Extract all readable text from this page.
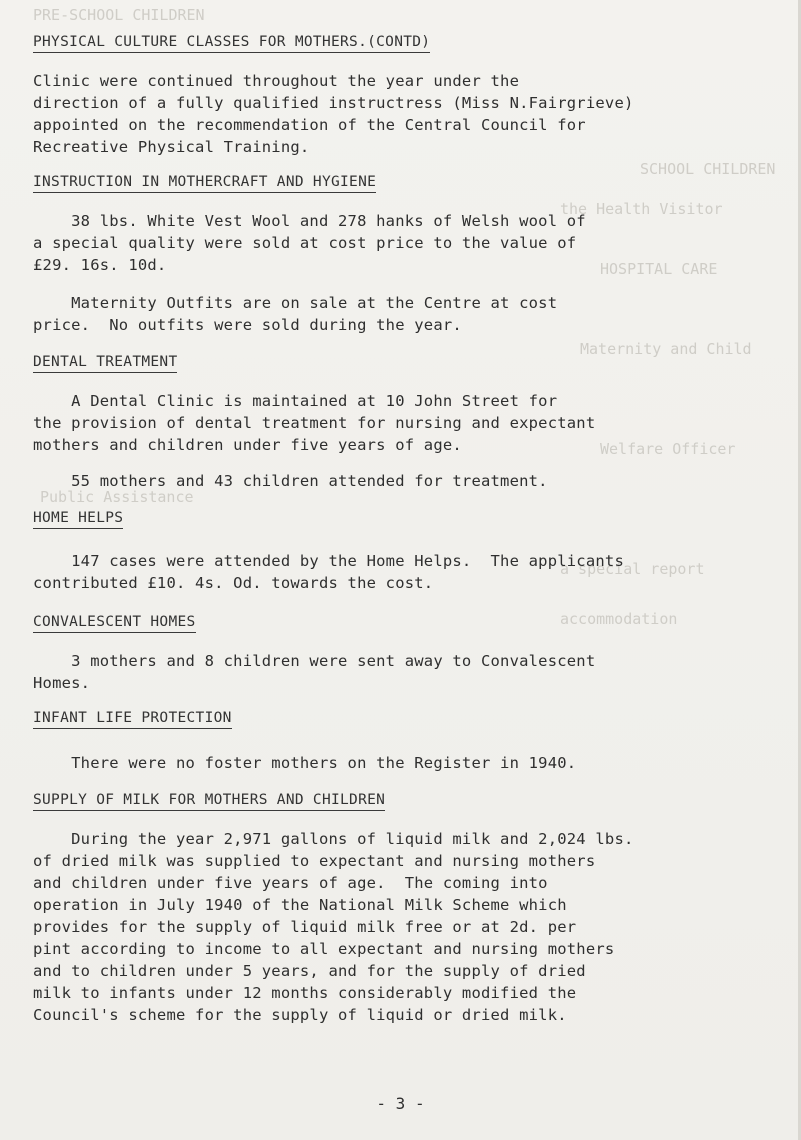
PRE-SCHOOL CHILDREN
SCHOOL CHILDREN
the Health Visitor
HOSPITAL CARE
Maternity and Child
Welfare Officer
Public Assistance
a special report
accommodation
PHYSICAL CULTURE CLASSES FOR MOTHERS.(CONTD)
Clinic were continued throughout the year under the
direction of a fully qualified instructress (Miss N.Fairgrieve)
appointed on the recommendation of the Central Council for
Recreative Physical Training.
INSTRUCTION IN MOTHERCRAFT AND HYGIENE
38 lbs. White Vest Wool and 278 hanks of Welsh wool of
a special quality were sold at cost price to the value of
£29. 16s. 10d.
Maternity Outfits are on sale at the Centre at cost
price.  No outfits were sold during the year.
DENTAL TREATMENT
A Dental Clinic is maintained at 10 John Street for
the provision of dental treatment for nursing and expectant
mothers and children under five years of age.
55 mothers and 43 children attended for treatment.
HOME HELPS
147 cases were attended by the Home Helps.  The applicants
contributed £10. 4s. Od. towards the cost.
CONVALESCENT HOMES
3 mothers and 8 children were sent away to Convalescent
Homes.
INFANT LIFE PROTECTION
There were no foster mothers on the Register in 1940.
SUPPLY OF MILK FOR MOTHERS AND CHILDREN
During the year 2,971 gallons of liquid milk and 2,024 lbs.
of dried milk was supplied to expectant and nursing mothers
and children under five years of age.  The coming into
operation in July 1940 of the National Milk Scheme which
provides for the supply of liquid milk free or at 2d. per
pint according to income to all expectant and nursing mothers
and to children under 5 years, and for the supply of dried
milk to infants under 12 months considerably modified the
Council's scheme for the supply of liquid or dried milk.
- 3 -
